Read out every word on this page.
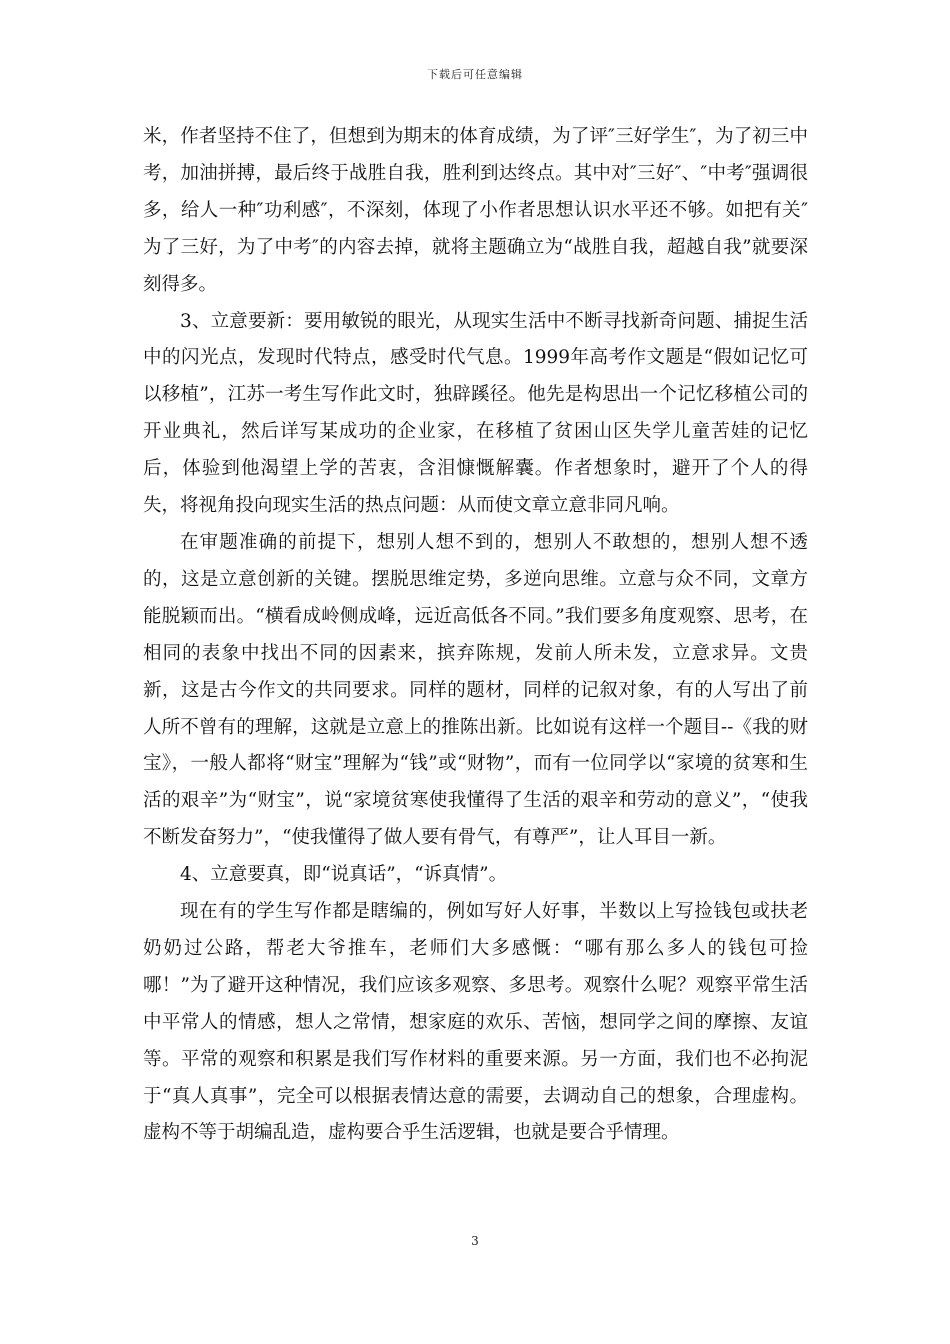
下载后可任意编辑

米，作者坚持不住了，但想到为期末的体育成绩，为了评″三好学生″，为了初三中考，加油拼搏，最后终于战胜自我，胜利到达终点。其中对″三好″、″中考″强调很多，给人一种″功利感″，不深刻，体现了小作者思想认识水平还不够。如把有关″为了三好，为了中考″的内容去掉，就将主题确立为“战胜自我，超越自我”就要深刻得多。

3、立意要新：要用敏锐的眼光，从现实生活中不断寻找新奇问题、捕捉生活中的闪光点，发现时代特点，感受时代气息。1999年高考作文题是“假如记忆可以移植”，江苏一考生写作此文时，独辟蹊径。他先是构思出一个记忆移植公司的开业典礼，然后详写某成功的企业家，在移植了贫困山区失学儿童苦娃的记忆后，体验到他渴望上学的苦衷，含泪慷慨解囊。作者想象时，避开了个人的得失，将视角投向现实生活的热点问题：从而使文章立意非同凡响。

在审题准确的前提下，想别人想不到的，想别人不敢想的，想别人想不透的，这是立意创新的关键。摆脱思维定势，多逆向思维。立意与众不同，文章方能脱颖而出。“横看成岭侧成峰，远近高低各不同。”我们要多角度观察、思考，在相同的表象中找出不同的因素来，摈弃陈规，发前人所未发，立意求异。文贵新，这是古今作文的共同要求。同样的题材，同样的记叙对象，有的人写出了前人所不曾有的理解，这就是立意上的推陈出新。比如说有这样一个题目--《我的财宝》，一般人都将“财宝”理解为“钱”或“财物”，而有一位同学以“家境的贫寒和生活的艰辛”为“财宝”，说“家境贫寒使我懂得了生活的艰辛和劳动的意义”，“使我不断发奋努力”，“使我懂得了做人要有骨气，有尊严”，让人耳目一新。

4、立意要真，即“说真话”，“诉真情”。

现在有的学生写作都是瞎编的，例如写好人好事，半数以上写捡钱包或扶老奶奶过公路，帮老大爷推车，老师们大多感慨：“哪有那么多人的钱包可捡哪！”为了避开这种情况，我们应该多观察、多思考。观察什么呢？观察平常生活中平常人的情感，想人之常情，想家庭的欢乐、苦恼，想同学之间的摩擦、友谊等。平常的观察和积累是我们写作材料的重要来源。另一方面，我们也不必拘泥于“真人真事”，完全可以根据表情达意的需要，去调动自己的想象，合理虚构。虚构不等于胡编乱造，虚构要合乎生活逻辑，也就是要合乎情理。

3
